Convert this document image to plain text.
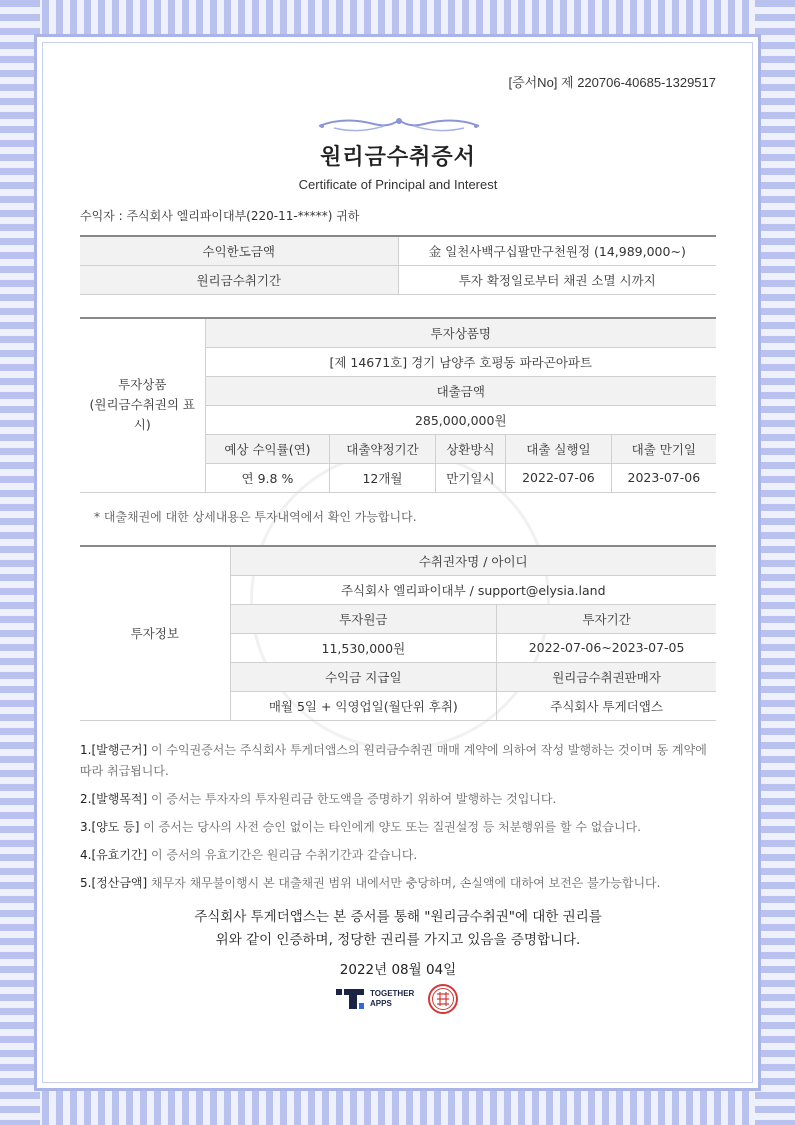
[증서No] 제 220706-40685-1329517
원리금수취증서
Certificate of Principal and Interest
수익자 : 주식회사 엘리파이대부(220-11-*****) 귀하
수익한도금액	金 일천사백구십팔만구천원정 (14,989,000~)
원리금수취기간	투자 확정일로부터 채권 소멸 시까지
투자상품
(원리금수취권의 표
시)	투자상품명				
	[제 14671호] 경기 남양주 호평동 파라곤아파트				
	대출금액				
	285,000,000원				
	예상 수익률(연)	대출약정기간	상환방식	대출 실행일	대출 만기일
	연 9.8 %	12개월	만기일시	2022-07-06	2023-07-06
* 대출채권에 대한 상세내용은 투자내역에서 확인 가능합니다.
투자정보	수취권자명 / 아이디	
	주식회사 엘리파이대부 / support@elysia.land	
	투자원금	투자기간
	11,530,000원	2022-07-06~2023-07-05
	수익금 지급일	원리금수취권판매자
	매월 5일 + 익영업일(월단위 후취)	주식회사 투게더앱스
1.[발행근거] 이 수익권증서는 주식회사 투게더앱스의 원리금수취권 매매 계약에 의하여 작성 발행하는 것이며 동 계약에 따라 취급됩니다.
2.[발행목적] 이 증서는 투자자의 투자원리금 한도액을 증명하기 위하여 발행하는 것입니다.
3.[양도 등] 이 증서는 당사의 사전 승인 없이는 타인에게 양도 또는 질권설정 등 처분행위를 할 수 없습니다.
4.[유효기간] 이 증서의 유효기간은 원리금 수취기간과 같습니다.
5.[정산금액] 채무자 채무불이행시 본 대출채권 범위 내에서만 충당하며, 손실액에 대하여 보전은 불가능합니다.
주식회사 투게더앱스는 본 증서를 통해 "원리금수취권"에 대한 권리를
위와 같이 인증하며, 정당한 권리를 가지고 있음을 증명합니다.
2022년 08월 04일
TOGETHER
APPS
